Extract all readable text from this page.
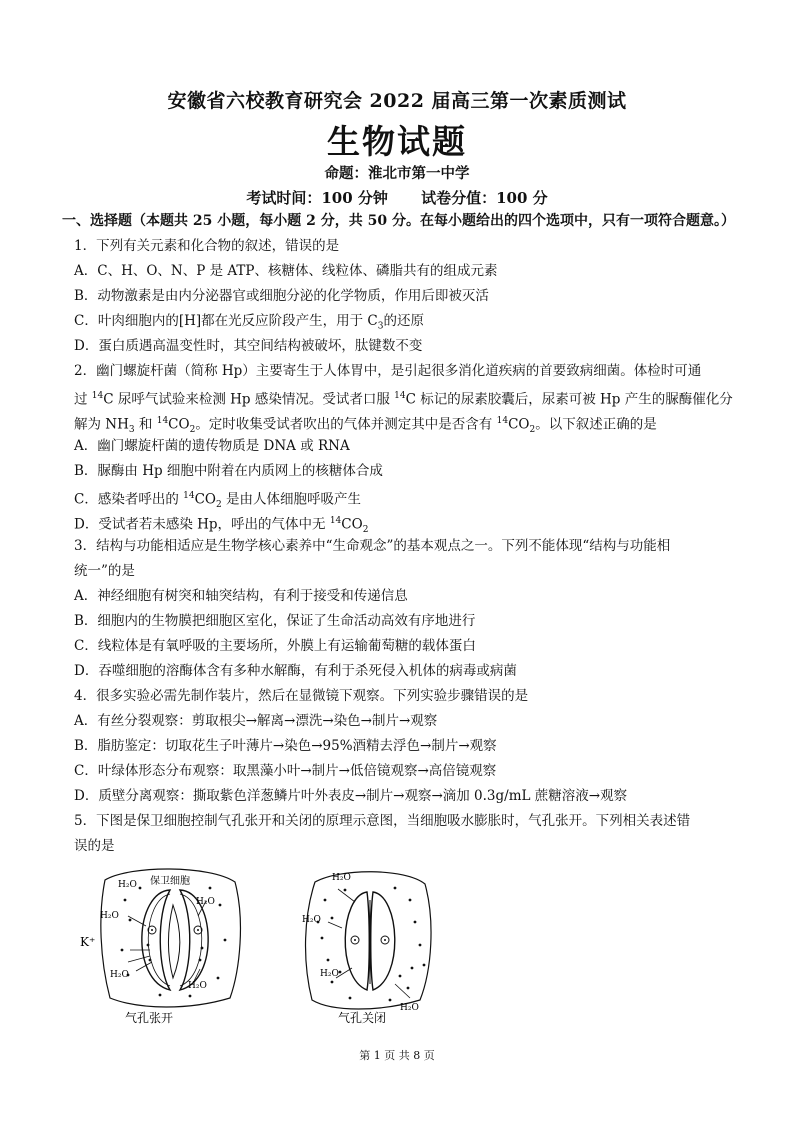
安徽省六校教育研究会 2022 届高三第一次素质测试
生物试题
命题：淮北市第一中学
考试时间：100 分钟 试卷分值：100 分
一、选择题（本题共 25 小题，每小题 2 分，共 50 分。在每小题给出的四个选项中，只有一项符合题意。）
1．下列有关元素和化合物的叙述，错误的是
A．C、H、O、N、P 是 ATP、核糖体、线粒体、磷脂共有的组成元素
B．动物激素是由内分泌器官或细胞分泌的化学物质，作用后即被灭活
C．叶肉细胞内的[H]都在光反应阶段产生，用于 $C_3$的还原
D．蛋白质遇高温变性时，其空间结构被破坏，肽键数不变
2．幽门螺旋杆菌（简称 Hp）主要寄生于人体胃中，是引起很多消化道疾病的首要致病细菌。体检时可通
过 $^{14}$C 尿呼气试验来检测 Hp 感染情况。受试者口服 $^{14}$C 标记的尿素胶囊后，尿素可被 Hp 产生的脲酶催化分
解为 $NH_3$ 和 $^{14}CO_2$。定时收集受试者吹出的气体并测定其中是否含有 $^{14}CO_2$。以下叙述正确的是
A．幽门螺旋杆菌的遗传物质是 DNA 或 RNA
B．脲酶由 Hp 细胞中附着在内质网上的核糖体合成
C．感染者呼出的 $^{14}CO_2$ 是由人体细胞呼吸产生
D．受试者若未感染 Hp，呼出的气体中无 $^{14}CO_2$
3．结构与功能相适应是生物学核心素养中“生命观念”的基本观点之一。下列不能体现“结构与功能相
统一”的是
A．神经细胞有树突和轴突结构，有利于接受和传递信息
B．细胞内的生物膜把细胞区室化，保证了生命活动高效有序地进行
C．线粒体是有氧呼吸的主要场所，外膜上有运输葡萄糖的载体蛋白
D．吞噬细胞的溶酶体含有多种水解酶，有利于杀死侵入机体的病毒或病菌
4．很多实验必需先制作装片，然后在显微镜下观察。下列实验步骤错误的是
A．有丝分裂观察：剪取根尖→解离→漂洗→染色→制片→观察
B．脂肪鉴定：切取花生子叶薄片→染色→95%酒精去浮色→制片→观察
C．叶绿体形态分布观察：取黑藻小叶→制片→低倍镜观察→高倍镜观察
D．质壁分离观察：撕取紫色洋葱鳞片叶外表皮→制片→观察→滴加 0.3g/mL 蔗糖溶液→观察
5．下图是保卫细胞控制气孔张开和关闭的原理示意图，当细胞吸水膨胀时，气孔张开。下列相关表述错
误的是
H₂O 保卫细胞
H₂O
H₂O
K⁺
H₂O
H₂O
气孔张开
H₂O
H₂O
H₂O
H₂O
气孔关闭
第 1 页 共 8 页
